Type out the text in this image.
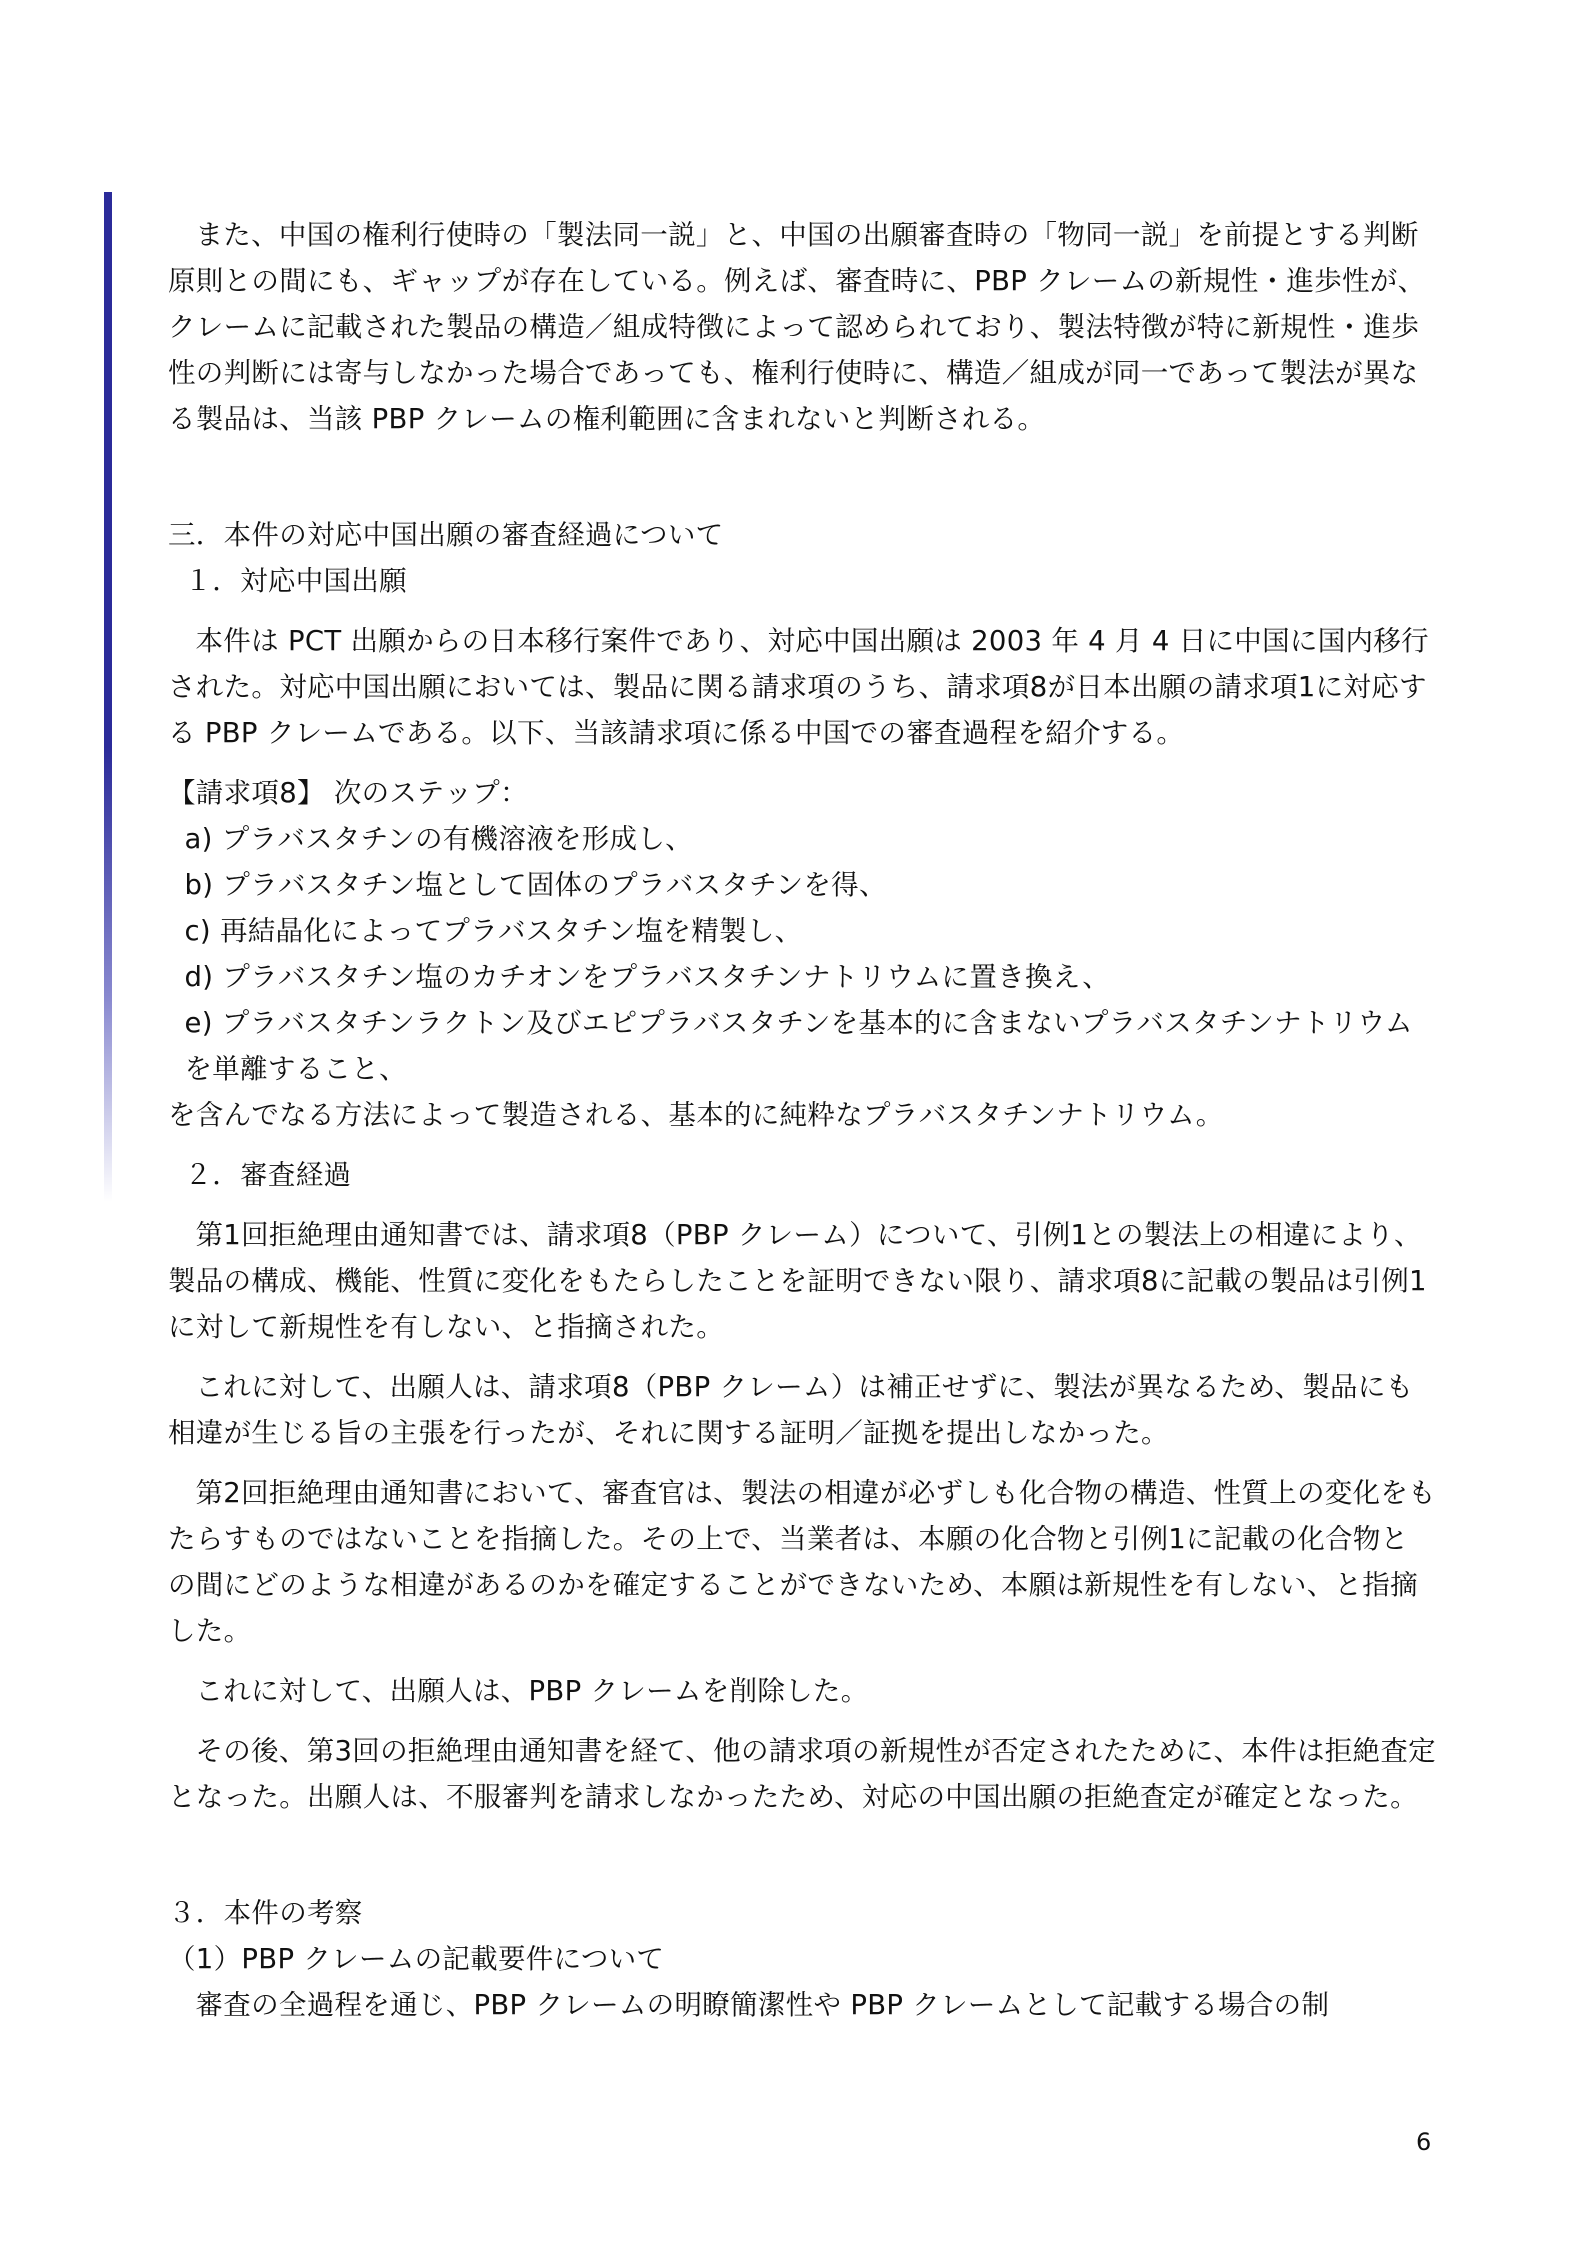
また、中国の権利行使時の「製法同一説」と、中国の出願審査時の「物同一説」を前提とする判断原則との間にも、ギャップが存在している。例えば、審査時に、PBP クレームの新規性・進歩性が、クレームに記載された製品の構造／組成特徴によって認められており、製法特徴が特に新規性・進歩性の判断には寄与しなかった場合であっても、権利行使時に、構造／組成が同一であって製法が異なる製品は、当該 PBP クレームの権利範囲に含まれないと判断される。

三．本件の対応中国出願の審査経過について

１．対応中国出願

本件は PCT 出願からの日本移行案件であり、対応中国出願は 2003 年 4 月 4 日に中国に国内移行された。対応中国出願においては、製品に関る請求項のうち、請求項8が日本出願の請求項1に対応する PBP クレームである。以下、当該請求項に係る中国での審査過程を紹介する。

【請求項8】 次のステップ：

a) プラバスタチンの有機溶液を形成し、

b) プラバスタチン塩として固体のプラバスタチンを得、

c) 再結晶化によってプラバスタチン塩を精製し、

d) プラバスタチン塩のカチオンをプラバスタチンナトリウムに置き換え、

e) プラバスタチンラクトン及びエピプラバスタチンを基本的に含まないプラバスタチンナトリウムを単離すること、

を含んでなる方法によって製造される、基本的に純粋なプラバスタチンナトリウム。

２．審査経過

第1回拒絶理由通知書では、請求項8（PBP クレーム）について、引例1との製法上の相違により、製品の構成、機能、性質に変化をもたらしたことを証明できない限り、請求項8に記載の製品は引例1に対して新規性を有しない、と指摘された。

これに対して、出願人は、請求項8（PBP クレーム）は補正せずに、製法が異なるため、製品にも相違が生じる旨の主張を行ったが、それに関する証明／証拠を提出しなかった。

第2回拒絶理由通知書において、審査官は、製法の相違が必ずしも化合物の構造、性質上の変化をもたらすものではないことを指摘した。その上で、当業者は、本願の化合物と引例1に記載の化合物との間にどのような相違があるのかを確定することができないため、本願は新規性を有しない、と指摘した。

これに対して、出願人は、PBP クレームを削除した。

その後、第3回の拒絶理由通知書を経て、他の請求項の新規性が否定されたために、本件は拒絶査定となった。出願人は、不服審判を請求しなかったため、対応の中国出願の拒絶査定が確定となった。

３．本件の考察

（1）PBP クレームの記載要件について

審査の全過程を通じ、PBP クレームの明瞭簡潔性や PBP クレームとして記載する場合の制

6
